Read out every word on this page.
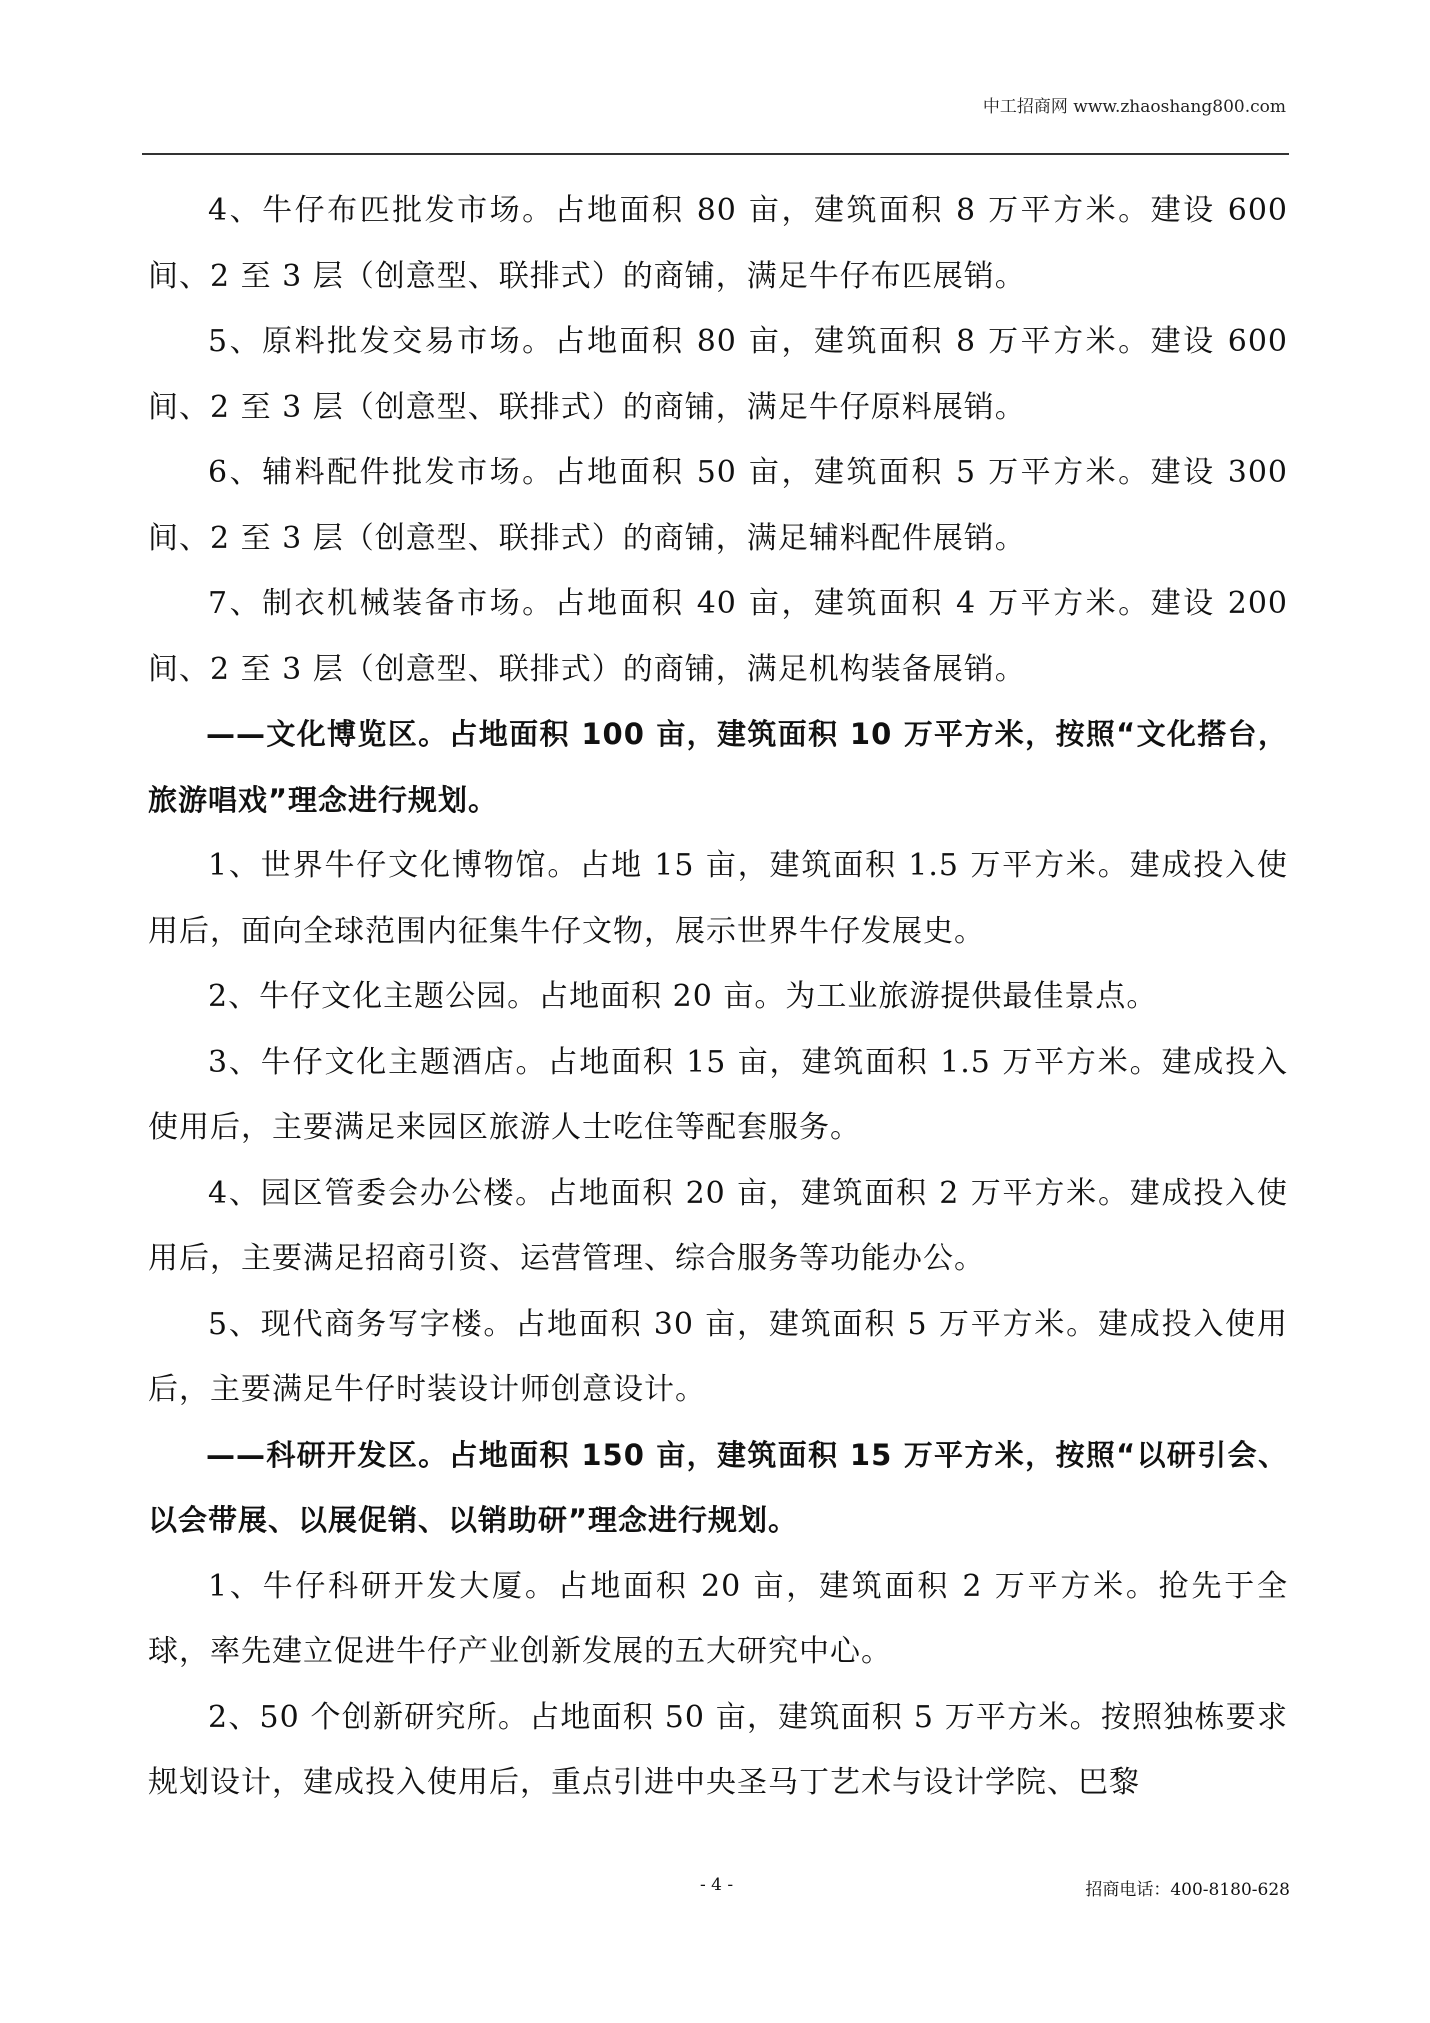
中工招商网 www.zhaoshang800.com

4、牛仔布匹批发市场。占地面积 80 亩，建筑面积 8 万平方米。建设 600 间、2 至 3 层（创意型、联排式）的商铺，满足牛仔布匹展销。

5、原料批发交易市场。占地面积 80 亩，建筑面积 8 万平方米。建设 600 间、2 至 3 层（创意型、联排式）的商铺，满足牛仔原料展销。

6、辅料配件批发市场。占地面积 50 亩，建筑面积 5 万平方米。建设 300 间、2 至 3 层（创意型、联排式）的商铺，满足辅料配件展销。

7、制衣机械装备市场。占地面积 40 亩，建筑面积 4 万平方米。建设 200 间、2 至 3 层（创意型、联排式）的商铺，满足机构装备展销。

——文化博览区。占地面积 100 亩，建筑面积 10 万平方米，按照“文化搭台，旅游唱戏”理念进行规划。

1、世界牛仔文化博物馆。占地 15 亩，建筑面积 1.5 万平方米。建成投入使用后，面向全球范围内征集牛仔文物，展示世界牛仔发展史。

2、牛仔文化主题公园。占地面积 20 亩。为工业旅游提供最佳景点。

3、牛仔文化主题酒店。占地面积 15 亩，建筑面积 1.5 万平方米。建成投入使用后，主要满足来园区旅游人士吃住等配套服务。

4、园区管委会办公楼。占地面积 20 亩，建筑面积 2 万平方米。建成投入使用后，主要满足招商引资、运营管理、综合服务等功能办公。

5、现代商务写字楼。占地面积 30 亩，建筑面积 5 万平方米。建成投入使用后，主要满足牛仔时装设计师创意设计。

——科研开发区。占地面积 150 亩，建筑面积 15 万平方米，按照“以研引会、以会带展、以展促销、以销助研”理念进行规划。

1、牛仔科研开发大厦。占地面积 20 亩，建筑面积 2 万平方米。抢先于全球，率先建立促进牛仔产业创新发展的五大研究中心。

2、50 个创新研究所。占地面积 50 亩，建筑面积 5 万平方米。按照独栋要求规划设计，建成投入使用后，重点引进中央圣马丁艺术与设计学院、巴黎

- 4 -	招商电话：400-8180-628
